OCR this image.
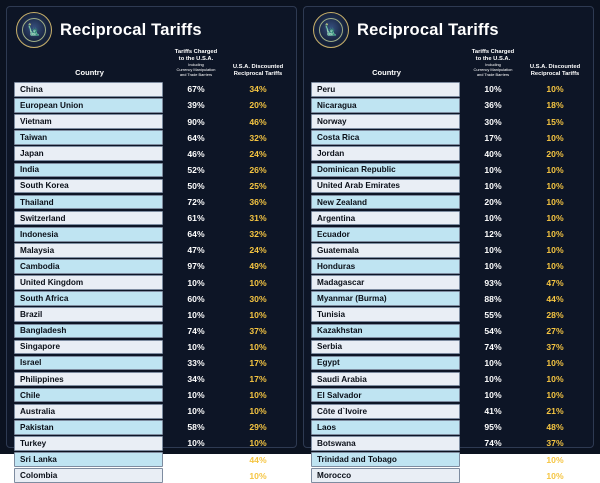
🗽 Reciprocal Tariffs
Country
Tariffs Charged
to the U.S.A.
Including
Currency Manipulation
and Trade Barriers
U.S.A. Discounted
Reciprocal Tariffs
China	67%	34%
European Union	39%	20%
Vietnam	90%	46%
Taiwan	64%	32%
Japan	46%	24%
India	52%	26%
South Korea	50%	25%
Thailand	72%	36%
Switzerland	61%	31%
Indonesia	64%	32%
Malaysia	47%	24%
Cambodia	97%	49%
United Kingdom	10%	10%
South Africa	60%	30%
Brazil	10%	10%
Bangladesh	74%	37%
Singapore	10%	10%
Israel	33%	17%
Philippines	34%	17%
Chile	10%	10%
Australia	10%	10%
Pakistan	58%	29%
Turkey	10%	10%
Sri Lanka	88%	44%
Colombia	10%	10%
🗽 Reciprocal Tariffs
Country
Tariffs Charged
to the U.S.A.
Including
Currency Manipulation
and Trade Barriers
U.S.A. Discounted
Reciprocal Tariffs
Peru	10%	10%
Nicaragua	36%	18%
Norway	30%	15%
Costa Rica	17%	10%
Jordan	40%	20%
Dominican Republic	10%	10%
United Arab Emirates	10%	10%
New Zealand	20%	10%
Argentina	10%	10%
Ecuador	12%	10%
Guatemala	10%	10%
Honduras	10%	10%
Madagascar	93%	47%
Myanmar (Burma)	88%	44%
Tunisia	55%	28%
Kazakhstan	54%	27%
Serbia	74%	37%
Egypt	10%	10%
Saudi Arabia	10%	10%
El Salvador	10%	10%
Côte d`Ivoire	41%	21%
Laos	95%	48%
Botswana	74%	37%
Trinidad and Tobago	12%	10%
Morocco	10%	10%
